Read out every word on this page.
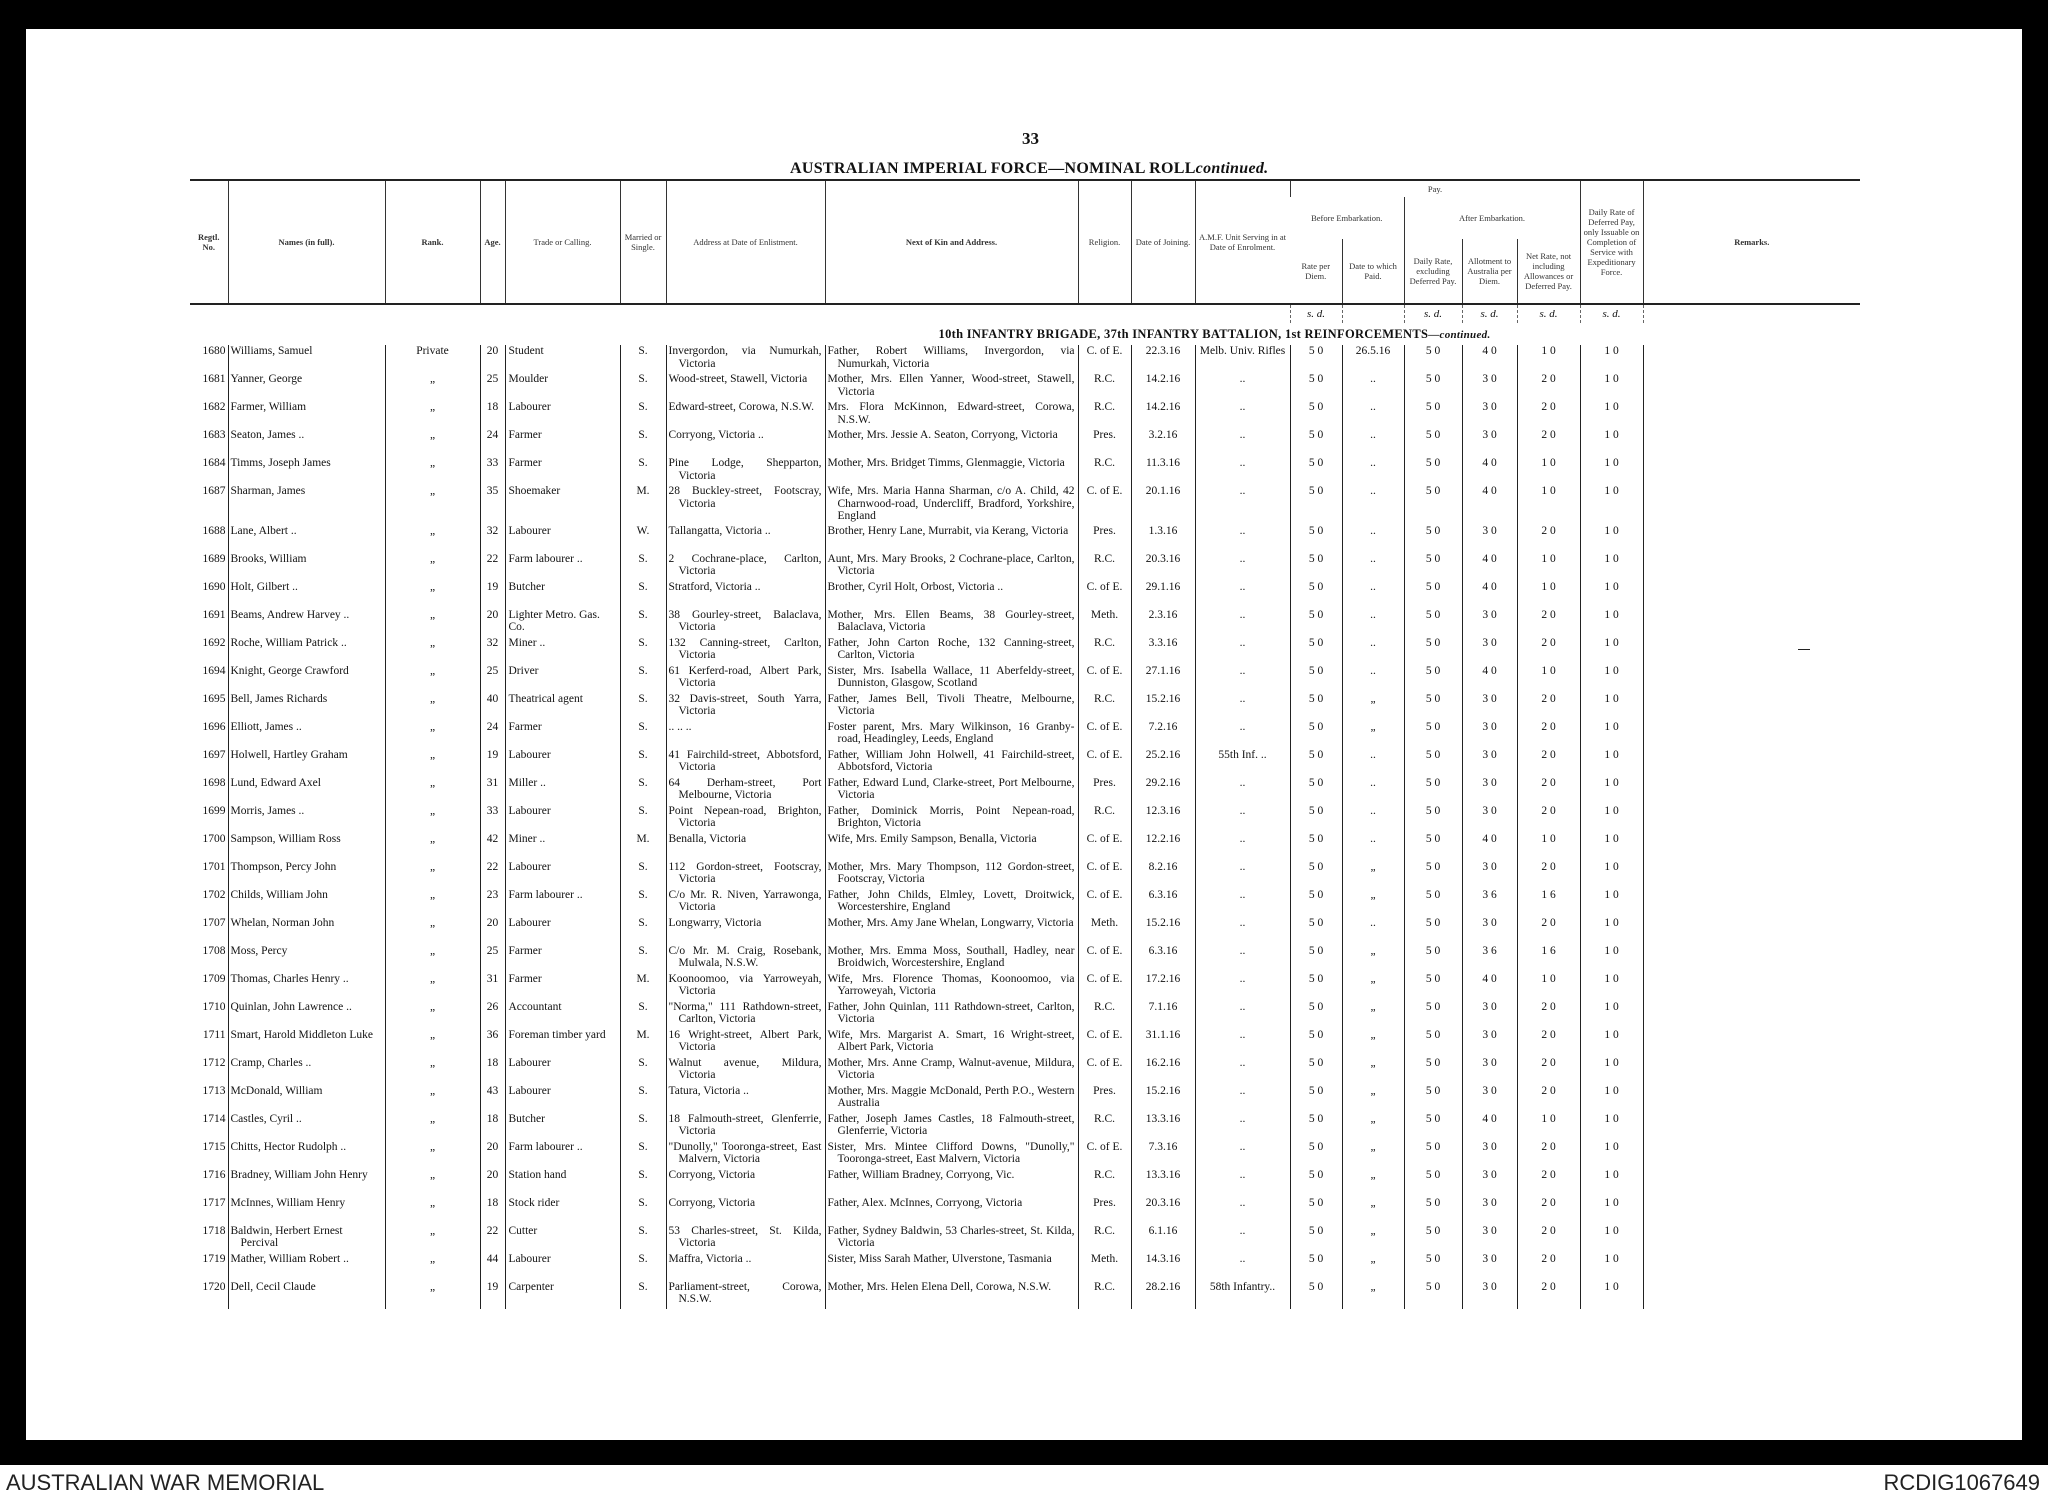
33
AUSTRALIAN IMPERIAL FORCE—NOMINAL ROLLcontinued.
Regtl. No.	Names (in full).	Rank.	Age.	Trade or Calling.	Married or Single.	Address at Date of Enlistment.	Next of Kin and Address.	Religion.	Date of Joining.	A.M.F. Unit Serving in at Date of Enrolment.	Pay.					Daily Rate of Deferred Pay, only Issuable on Completion of Service with Expeditionary Force.	Remarks.
											Before Embarkation.		After Embarkation.				
											Rate per Diem.	Date to which Paid.	Daily Rate, excluding Deferred Pay.	Allotment to Australia per Diem.	Net Rate, not including Allowances or Deferred Pay.		
											s. d.		s. d.	s. d.	s. d.	s. d.	
10th INFANTRY BRIGADE, 37th INFANTRY BATTALION, 1st REINFORCEMENTS—continued.																	
1680	Williams, Samuel	Private	20	Student	S.	Invergordon, via Numurkah, Victoria	Father, Robert Williams, Invergordon, via Numurkah, Victoria	C. of E.	22.3.16	Melb. Univ. Rifles	5 0	26.5.16	5 0	4 0	1 0	1 0	
1681	Yanner, George	„	25	Moulder	S.	Wood-street, Stawell, Victoria	Mother, Mrs. Ellen Yanner, Wood-street, Stawell, Victoria	R.C.	14.2.16	..	5 0	..	5 0	3 0	2 0	1 0	
1682	Farmer, William	„	18	Labourer	S.	Edward-street, Corowa, N.S.W.	Mrs. Flora McKinnon, Edward-street, Corowa, N.S.W.	R.C.	14.2.16	..	5 0	..	5 0	3 0	2 0	1 0	
1683	Seaton, James ..	„	24	Farmer	S.	Corryong, Victoria ..	Mother, Mrs. Jessie A. Seaton, Corryong, Victoria	Pres.	3.2.16	..	5 0	..	5 0	3 0	2 0	1 0	
1684	Timms, Joseph James	„	33	Farmer	S.	Pine Lodge, Shepparton, Victoria	Mother, Mrs. Bridget Timms, Glenmaggie, Victoria	R.C.	11.3.16	..	5 0	..	5 0	4 0	1 0	1 0	
1687	Sharman, James	„	35	Shoemaker	M.	28 Buckley-street, Footscray, Victoria	Wife, Mrs. Maria Hanna Sharman, c/o A. Child, 42 Charnwood-road, Undercliff, Bradford, Yorkshire, England	C. of E.	20.1.16	..	5 0	..	5 0	4 0	1 0	1 0	
1688	Lane, Albert ..	„	32	Labourer	W.	Tallangatta, Victoria ..	Brother, Henry Lane, Murrabit, via Kerang, Victoria	Pres.	1.3.16	..	5 0	..	5 0	3 0	2 0	1 0	
1689	Brooks, William	„	22	Farm labourer ..	S.	2 Cochrane-place, Carlton, Victoria	Aunt, Mrs. Mary Brooks, 2 Cochrane-place, Carlton, Victoria	R.C.	20.3.16	..	5 0	..	5 0	4 0	1 0	1 0	
1690	Holt, Gilbert ..	„	19	Butcher	S.	Stratford, Victoria ..	Brother, Cyril Holt, Orbost, Victoria ..	C. of E.	29.1.16	..	5 0	..	5 0	4 0	1 0	1 0	
1691	Beams, Andrew Harvey ..	„	20	Lighter Metro. Gas. Co.	S.	38 Gourley-street, Balaclava, Victoria	Mother, Mrs. Ellen Beams, 38 Gourley-street, Balaclava, Victoria	Meth.	2.3.16	..	5 0	..	5 0	3 0	2 0	1 0	
1692	Roche, William Patrick ..	„	32	Miner ..	S.	132 Canning-street, Carlton, Victoria	Father, John Carton Roche, 132 Canning-street, Carlton, Victoria	R.C.	3.3.16	..	5 0	..	5 0	3 0	2 0	1 0	
1694	Knight, George Crawford	„	25	Driver	S.	61 Kerferd-road, Albert Park, Victoria	Sister, Mrs. Isabella Wallace, 11 Aberfeldy-street, Dunniston, Glasgow, Scotland	C. of E.	27.1.16	..	5 0	..	5 0	4 0	1 0	1 0	
1695	Bell, James Richards	„	40	Theatrical agent	S.	32 Davis-street, South Yarra, Victoria	Father, James Bell, Tivoli Theatre, Melbourne, Victoria	R.C.	15.2.16	..	5 0	„	5 0	3 0	2 0	1 0	
1696	Elliott, James ..	„	24	Farmer	S.	.. .. ..	Foster parent, Mrs. Mary Wilkinson, 16 Granby-road, Headingley, Leeds, England	C. of E.	7.2.16	..	5 0	„	5 0	3 0	2 0	1 0	
1697	Holwell, Hartley Graham	„	19	Labourer	S.	41 Fairchild-street, Abbotsford, Victoria	Father, William John Holwell, 41 Fairchild-street, Abbotsford, Victoria	C. of E.	25.2.16	55th Inf. ..	5 0	..	5 0	3 0	2 0	1 0	
1698	Lund, Edward Axel	„	31	Miller ..	S.	64 Derham-street, Port Melbourne, Victoria	Father, Edward Lund, Clarke-street, Port Melbourne, Victoria	Pres.	29.2.16	..	5 0	..	5 0	3 0	2 0	1 0	
1699	Morris, James ..	„	33	Labourer	S.	Point Nepean-road, Brighton, Victoria	Father, Dominick Morris, Point Nepean-road, Brighton, Victoria	R.C.	12.3.16	..	5 0	..	5 0	3 0	2 0	1 0	
1700	Sampson, William Ross	„	42	Miner ..	M.	Benalla, Victoria	Wife, Mrs. Emily Sampson, Benalla, Victoria	C. of E.	12.2.16	..	5 0	..	5 0	4 0	1 0	1 0	
1701	Thompson, Percy John	„	22	Labourer	S.	112 Gordon-street, Footscray, Victoria	Mother, Mrs. Mary Thompson, 112 Gordon-street, Footscray, Victoria	C. of E.	8.2.16	..	5 0	„	5 0	3 0	2 0	1 0	
1702	Childs, William John	„	23	Farm labourer ..	S.	C/o Mr. R. Niven, Yarrawonga, Victoria	Father, John Childs, Elmley, Lovett, Droitwick, Worcestershire, England	C. of E.	6.3.16	..	5 0	„	5 0	3 6	1 6	1 0	
1707	Whelan, Norman John	„	20	Labourer	S.	Longwarry, Victoria	Mother, Mrs. Amy Jane Whelan, Longwarry, Victoria	Meth.	15.2.16	..	5 0	..	5 0	3 0	2 0	1 0	
1708	Moss, Percy	„	25	Farmer	S.	C/o Mr. M. Craig, Rosebank, Mulwala, N.S.W.	Mother, Mrs. Emma Moss, Southall, Hadley, near Broidwich, Worcestershire, England	C. of E.	6.3.16	..	5 0	„	5 0	3 6	1 6	1 0	
1709	Thomas, Charles Henry ..	„	31	Farmer	M.	Koonoomoo, via Yarroweyah, Victoria	Wife, Mrs. Florence Thomas, Koonoomoo, via Yarroweyah, Victoria	C. of E.	17.2.16	..	5 0	„	5 0	4 0	1 0	1 0	
1710	Quinlan, John Lawrence ..	„	26	Accountant	S.	"Norma," 111 Rathdown-street, Carlton, Victoria	Father, John Quinlan, 111 Rathdown-street, Carlton, Victoria	R.C.	7.1.16	..	5 0	„	5 0	3 0	2 0	1 0	
1711	Smart, Harold Middleton Luke	„	36	Foreman timber yard	M.	16 Wright-street, Albert Park, Victoria	Wife, Mrs. Margarist A. Smart, 16 Wright-street, Albert Park, Victoria	C. of E.	31.1.16	..	5 0	„	5 0	3 0	2 0	1 0	
1712	Cramp, Charles ..	„	18	Labourer	S.	Walnut avenue, Mildura, Victoria	Mother, Mrs. Anne Cramp, Walnut-avenue, Mildura, Victoria	C. of E.	16.2.16	..	5 0	„	5 0	3 0	2 0	1 0	
1713	McDonald, William	„	43	Labourer	S.	Tatura, Victoria ..	Mother, Mrs. Maggie McDonald, Perth P.O., Western Australia	Pres.	15.2.16	..	5 0	„	5 0	3 0	2 0	1 0	
1714	Castles, Cyril ..	„	18	Butcher	S.	18 Falmouth-street, Glenferrie, Victoria	Father, Joseph James Castles, 18 Falmouth-street, Glenferrie, Victoria	R.C.	13.3.16	..	5 0	„	5 0	4 0	1 0	1 0	
1715	Chitts, Hector Rudolph ..	„	20	Farm labourer ..	S.	"Dunolly," Tooronga-street, East Malvern, Victoria	Sister, Mrs. Mintee Clifford Downs, "Dunolly," Tooronga-street, East Malvern, Victoria	C. of E.	7.3.16	..	5 0	„	5 0	3 0	2 0	1 0	
1716	Bradney, William John Henry	„	20	Station hand	S.	Corryong, Victoria	Father, William Bradney, Corryong, Vic.	R.C.	13.3.16	..	5 0	„	5 0	3 0	2 0	1 0	
1717	McInnes, William Henry	„	18	Stock rider	S.	Corryong, Victoria	Father, Alex. McInnes, Corryong, Victoria	Pres.	20.3.16	..	5 0	„	5 0	3 0	2 0	1 0	
1718	Baldwin, Herbert Ernest Percival	„	22	Cutter	S.	53 Charles-street, St. Kilda, Victoria	Father, Sydney Baldwin, 53 Charles-street, St. Kilda, Victoria	R.C.	6.1.16	..	5 0	„	5 0	3 0	2 0	1 0	
1719	Mather, William Robert ..	„	44	Labourer	S.	Maffra, Victoria ..	Sister, Miss Sarah Mather, Ulverstone, Tasmania	Meth.	14.3.16	..	5 0	„	5 0	3 0	2 0	1 0	
1720	Dell, Cecil Claude	„	19	Carpenter	S.	Parliament-street, Corowa, N.S.W.	Mother, Mrs. Helen Elena Dell, Corowa, N.S.W.	R.C.	28.2.16	58th Infantry..	5 0	„	5 0	3 0	2 0	1 0	
AUSTRALIAN WAR MEMORIAL	RCDIG1067649
